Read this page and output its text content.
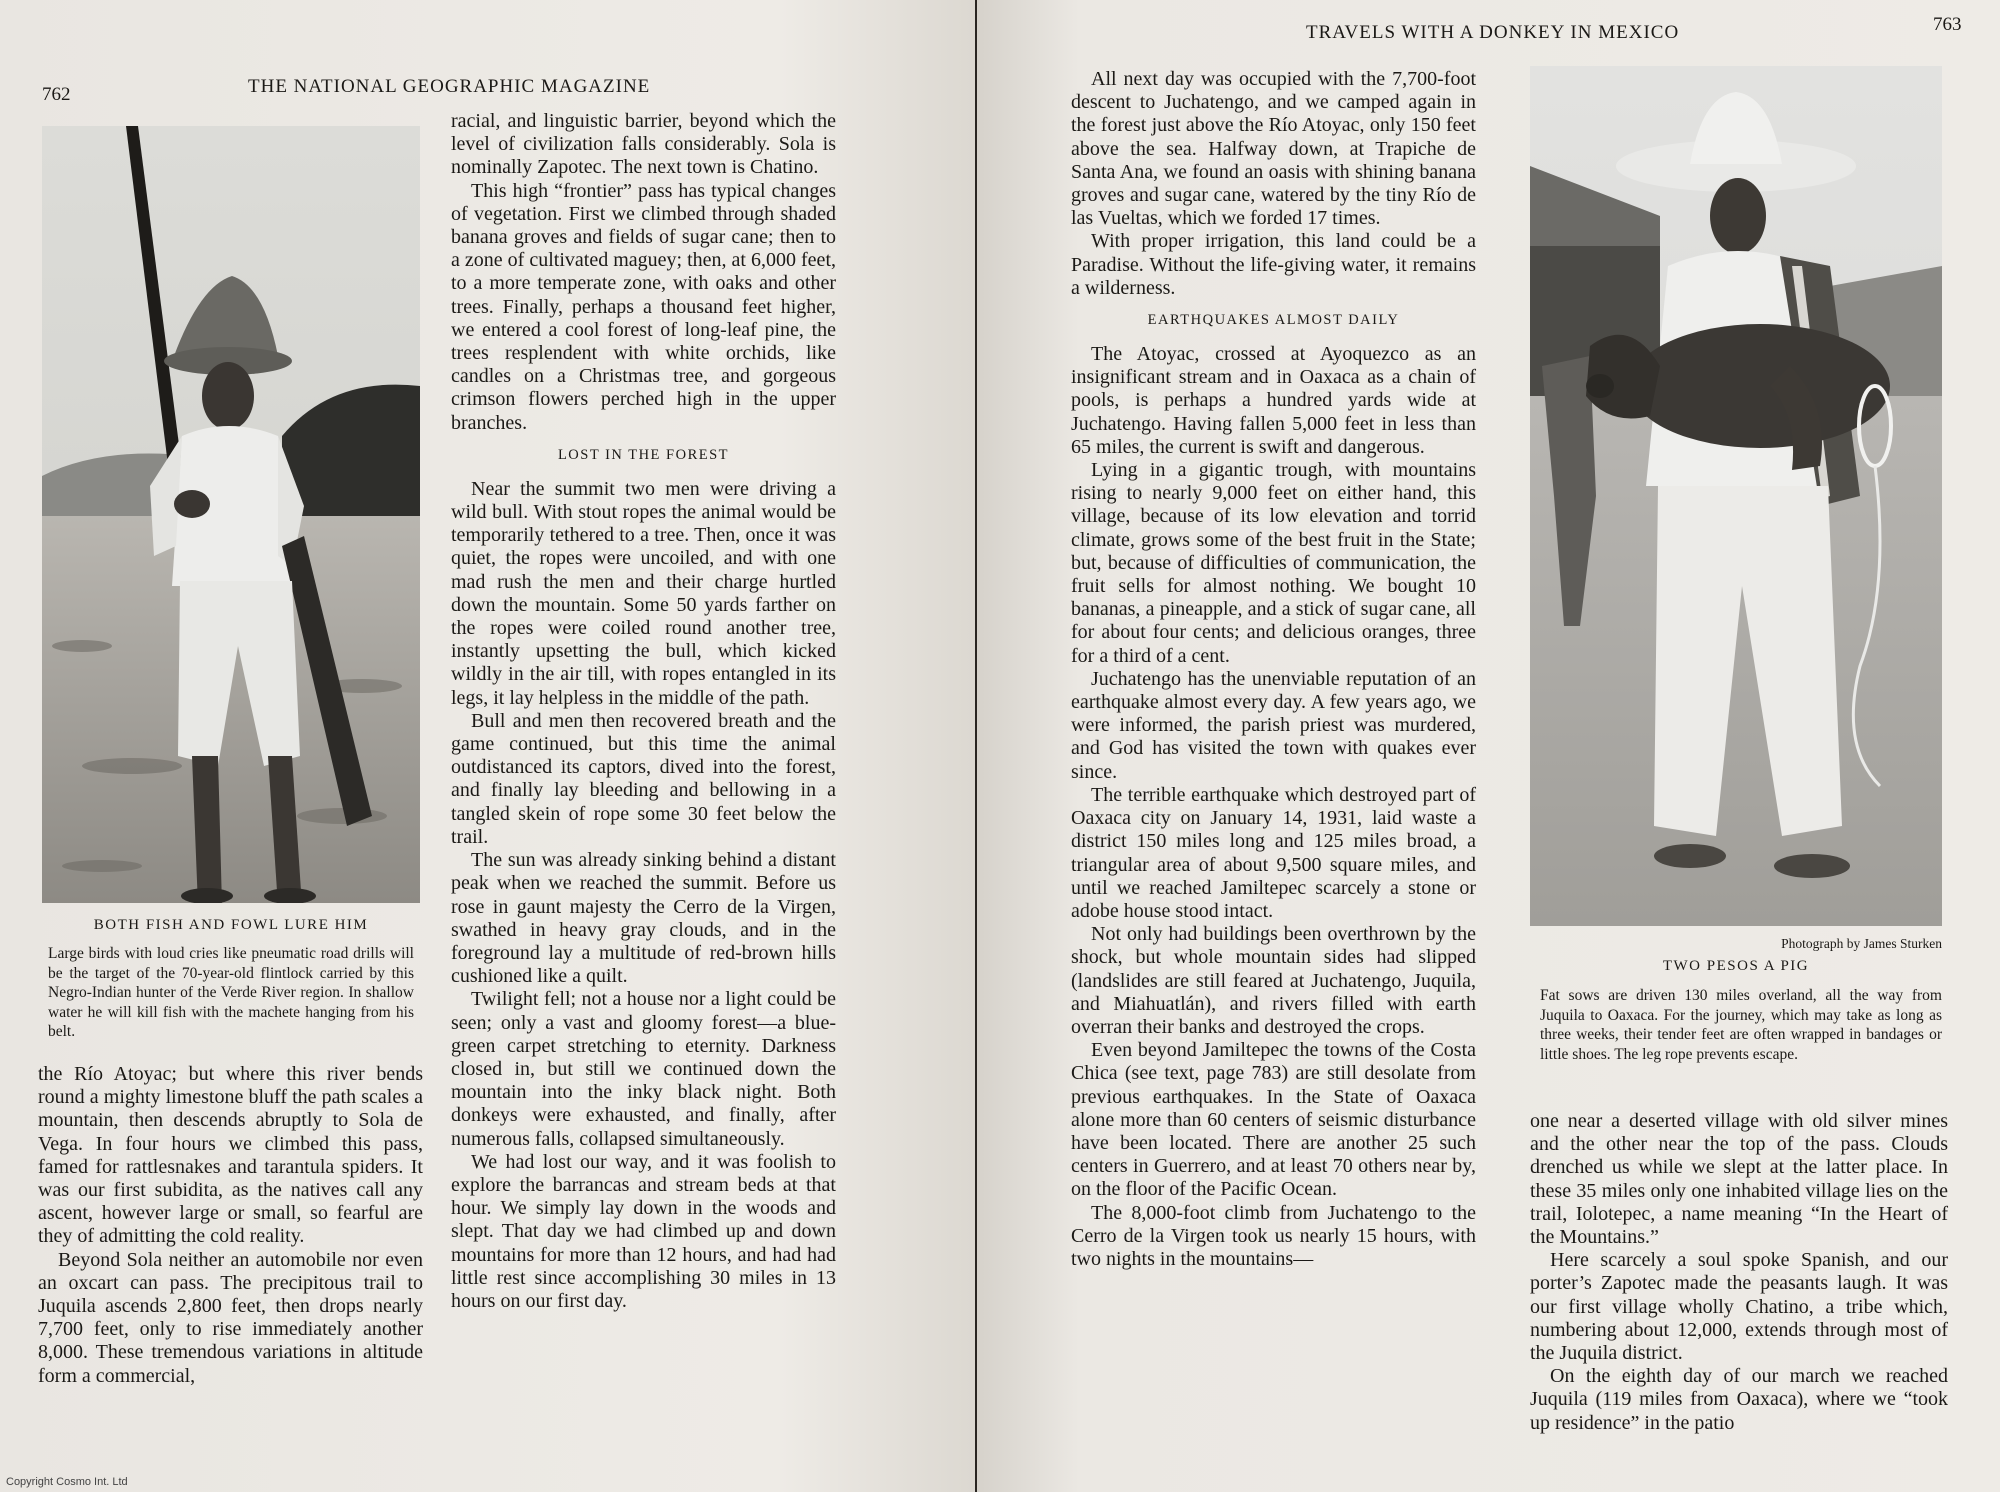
762	THE NATIONAL GEOGRAPHIC MAGAZINE
BOTH FISH AND FOWL LURE HIM

Large birds with loud cries like pneumatic road drills will be the target of the 70-year-old flintlock carried by this Negro-Indian hunter of the Verde River region. In shallow water he will kill fish with the machete hanging from his belt.

the Río Atoyac; but where this river bends round a mighty limestone bluff the path scales a mountain, then descends abruptly to Sola de Vega. In four hours we climbed this pass, famed for rattlesnakes and tarantula spiders. It was our first subidita, as the natives call any ascent, however large or small, so fearful are they of admitting the cold reality.

Beyond Sola neither an automobile nor even an oxcart can pass. The precipitous trail to Juquila ascends 2,800 feet, then drops nearly 7,700 feet, only to rise immediately another 8,000. These tremendous variations in altitude form a commercial,

racial, and linguistic barrier, beyond which the level of civilization falls considerably. Sola is nominally Zapotec. The next town is Chatino.

This high “frontier” pass has typical changes of vegetation. First we climbed through shaded banana groves and fields of sugar cane; then to a zone of cultivated maguey; then, at 6,000 feet, to a more temperate zone, with oaks and other trees. Finally, perhaps a thousand feet higher, we entered a cool forest of long-leaf pine, the trees resplendent with white orchids, like candles on a Christmas tree, and gorgeous crimson flowers perched high in the upper branches.

LOST IN THE FOREST

Near the summit two men were driving a wild bull. With stout ropes the animal would be temporarily tethered to a tree. Then, once it was quiet, the ropes were uncoiled, and with one mad rush the men and their charge hurtled down the mountain. Some 50 yards farther on the ropes were coiled round another tree, instantly upsetting the bull, which kicked wildly in the air till, with ropes entangled in its legs, it lay helpless in the middle of the path.

Bull and men then recovered breath and the game continued, but this time the animal outdistanced its captors, dived into the forest, and finally lay bleeding and bellowing in a tangled skein of rope some 30 feet below the trail.

The sun was already sinking behind a distant peak when we reached the summit. Before us rose in gaunt majesty the Cerro de la Virgen, swathed in heavy gray clouds, and in the foreground lay a multitude of red-brown hills cushioned like a quilt.

Twilight fell; not a house nor a light could be seen; only a vast and gloomy forest—a blue-green carpet stretching to eternity. Darkness closed in, but still we continued down the mountain into the inky black night. Both donkeys were exhausted, and finally, after numerous falls, collapsed simultaneously.

We had lost our way, and it was foolish to explore the barrancas and stream beds at that hour. We simply lay down in the woods and slept. That day we had climbed up and down mountains for more than 12 hours, and had had little rest since accomplishing 30 miles in 13 hours on our first day.

Copyright Cosmo Int. Ltd
TRAVELS WITH A DONKEY IN MEXICO	763

All next day was occupied with the 7,700-foot descent to Juchatengo, and we camped again in the forest just above the Río Atoyac, only 150 feet above the sea. Halfway down, at Trapiche de Santa Ana, we found an oasis with shining banana groves and sugar cane, watered by the tiny Río de las Vueltas, which we forded 17 times.

With proper irrigation, this land could be a Paradise. Without the life-giving water, it remains a wilderness.

EARTHQUAKES ALMOST DAILY

The Atoyac, crossed at Ayoquezco as an insignificant stream and in Oaxaca as a chain of pools, is perhaps a hundred yards wide at Juchatengo. Having fallen 5,000 feet in less than 65 miles, the current is swift and dangerous.

Lying in a gigantic trough, with mountains rising to nearly 9,000 feet on either hand, this village, because of its low elevation and torrid climate, grows some of the best fruit in the State; but, because of difficulties of communication, the fruit sells for almost nothing. We bought 10 bananas, a pineapple, and a stick of sugar cane, all for about four cents; and delicious oranges, three for a third of a cent.

Juchatengo has the unenviable reputation of an earthquake almost every day. A few years ago, we were informed, the parish priest was murdered, and God has visited the town with quakes ever since.

The terrible earthquake which destroyed part of Oaxaca city on January 14, 1931, laid waste a district 150 miles long and 125 miles broad, a triangular area of about 9,500 square miles, and until we reached Jamiltepec scarcely a stone or adobe house stood intact.

Not only had buildings been overthrown by the shock, but whole mountain sides had slipped (landslides are still feared at Juchatengo, Juquila, and Miahuatlán), and rivers filled with earth overran their banks and destroyed the crops.

Even beyond Jamiltepec the towns of the Costa Chica (see text, page 783) are still desolate from previous earthquakes. In the State of Oaxaca alone more than 60 centers of seismic disturbance have been located. There are another 25 such centers in Guerrero, and at least 70 others near by, on the floor of the Pacific Ocean.

The 8,000-foot climb from Juchatengo to the Cerro de la Virgen took us nearly 15 hours, with two nights in the mountains—

Photograph by James Sturken
TWO PESOS A PIG

Fat sows are driven 130 miles overland, all the way from Juquila to Oaxaca. For the journey, which may take as long as three weeks, their tender feet are often wrapped in bandages or little shoes. The leg rope prevents escape.

one near a deserted village with old silver mines and the other near the top of the pass. Clouds drenched us while we slept at the latter place. In these 35 miles only one inhabited village lies on the trail, Iolotepec, a name meaning “In the Heart of the Mountains.”

Here scarcely a soul spoke Spanish, and our porter’s Zapotec made the peasants laugh. It was our first village wholly Chatino, a tribe which, numbering about 12,000, extends through most of the Juquila district.

On the eighth day of our march we reached Juquila (119 miles from Oaxaca), where we “took up residence” in the patio
